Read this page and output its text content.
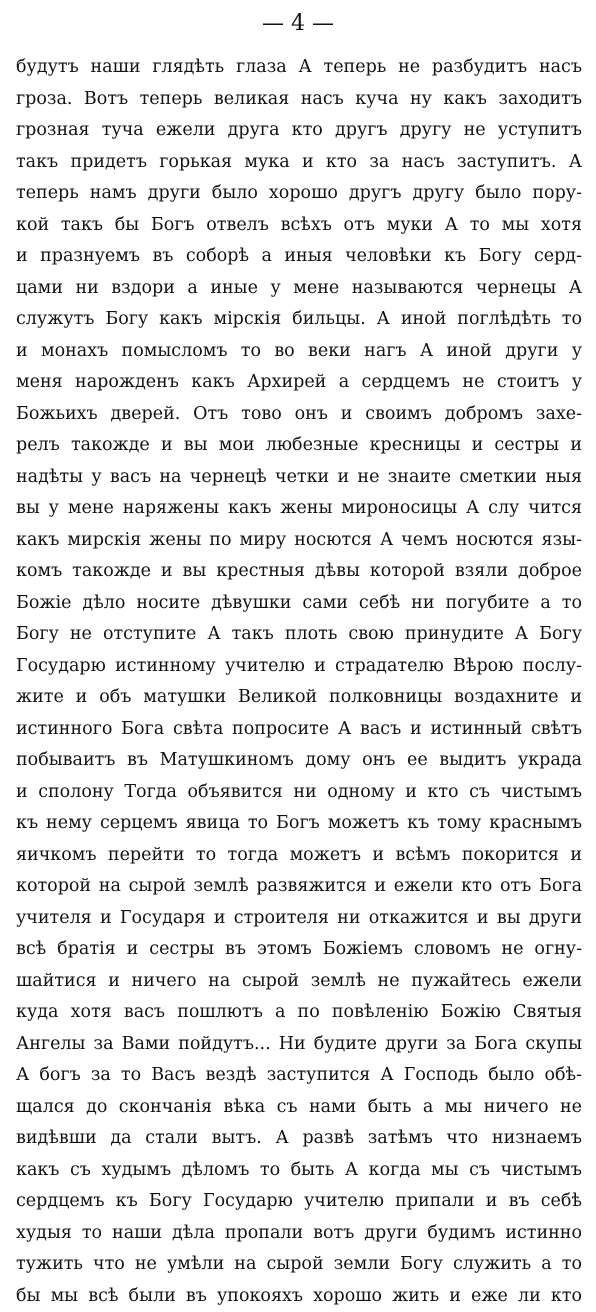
— 4 —
будутъ наши глядѣть глаза А теперь не разбудитъ насъ
гроза. Вотъ теперь великая насъ куча ну какъ заходитъ
грозная туча ежели друга кто другъ другу не уступитъ
такъ придетъ горькая мука и кто за насъ заступитъ. А
теперь намъ други было хорошо другъ другу было пору-
кой такъ бы Богъ отвелъ всѣхъ отъ муки А то мы хотя
и празнуемъ въ соборѣ а иныя человѣки къ Богу серд-
цами ни вздори а иные у мене называются чернецы А
служутъ Богу какъ мірскія бильцы. А иной поглѣдѣть то
и монахъ помысломъ то во веки нагъ А иной други у
меня нарожденъ какъ Архирей а сердцемъ не стоитъ у
Божьихъ дверей. Отъ тово онъ и своимъ добромъ захе-
релъ такожде и вы мои любезные кресницы и сестры и
надѣты у васъ на чернецѣ четки и не знаите сметкии ныя
вы у мене наряжены какъ жены мироносицы А слу чится
какъ мирскія жены по миру носются А чемъ носются язы-
комъ такожде и вы крестныя дѣвы которой взяли доброе
Божіе дѣло носите дѣвушки сами себѣ ни погубите а то
Богу не отступите А такъ плоть свою принудите А Богу
Государю истинному учителю и страдателю Вѣрою послу-
жите и объ матушки Великой полковницы воздахните и
истинного Бога свѣта попросите А васъ и истинный свѣтъ
побываитъ въ Матушкиномъ дому онъ ее выдитъ украда
и сполону Тогда объявится ни одному и кто съ чистымъ
къ нему серцемъ явица то Богъ можетъ къ тому краснымъ
яичкомъ перейти то тогда можетъ и всѣмъ покорится и
которой на сырой землѣ развяжится и ежели кто отъ Бога
учителя и Государя и строителя ни откажится и вы други
всѣ братія и сестры въ этомъ Божіемъ словомъ не огну-
шайтися и ничего на сырой землѣ не пужайтесь ежели
куда хотя васъ пошлютъ а по повѣленію Божію Святыя
Ангелы за Вами пойдутъ... Ни будите други за Бога скупы
А богъ за то Васъ вездѣ заступится А Господь было обѣ-
щался до скончанія вѣка съ нами быть а мы ничего не
видѣвши да стали вытъ. А развѣ затѣмъ что низнаемъ
какъ съ худымъ дѣломъ то быть А когда мы съ чистымъ
сердцемъ къ Богу Государю учителю припали и въ себѣ
худыя то наши дѣла пропали вотъ други будимъ истинно
тужить что не умѣли на сырой земли Богу служить а то
бы мы всѣ были въ упокояхъ хорошо жить и еже ли кто
